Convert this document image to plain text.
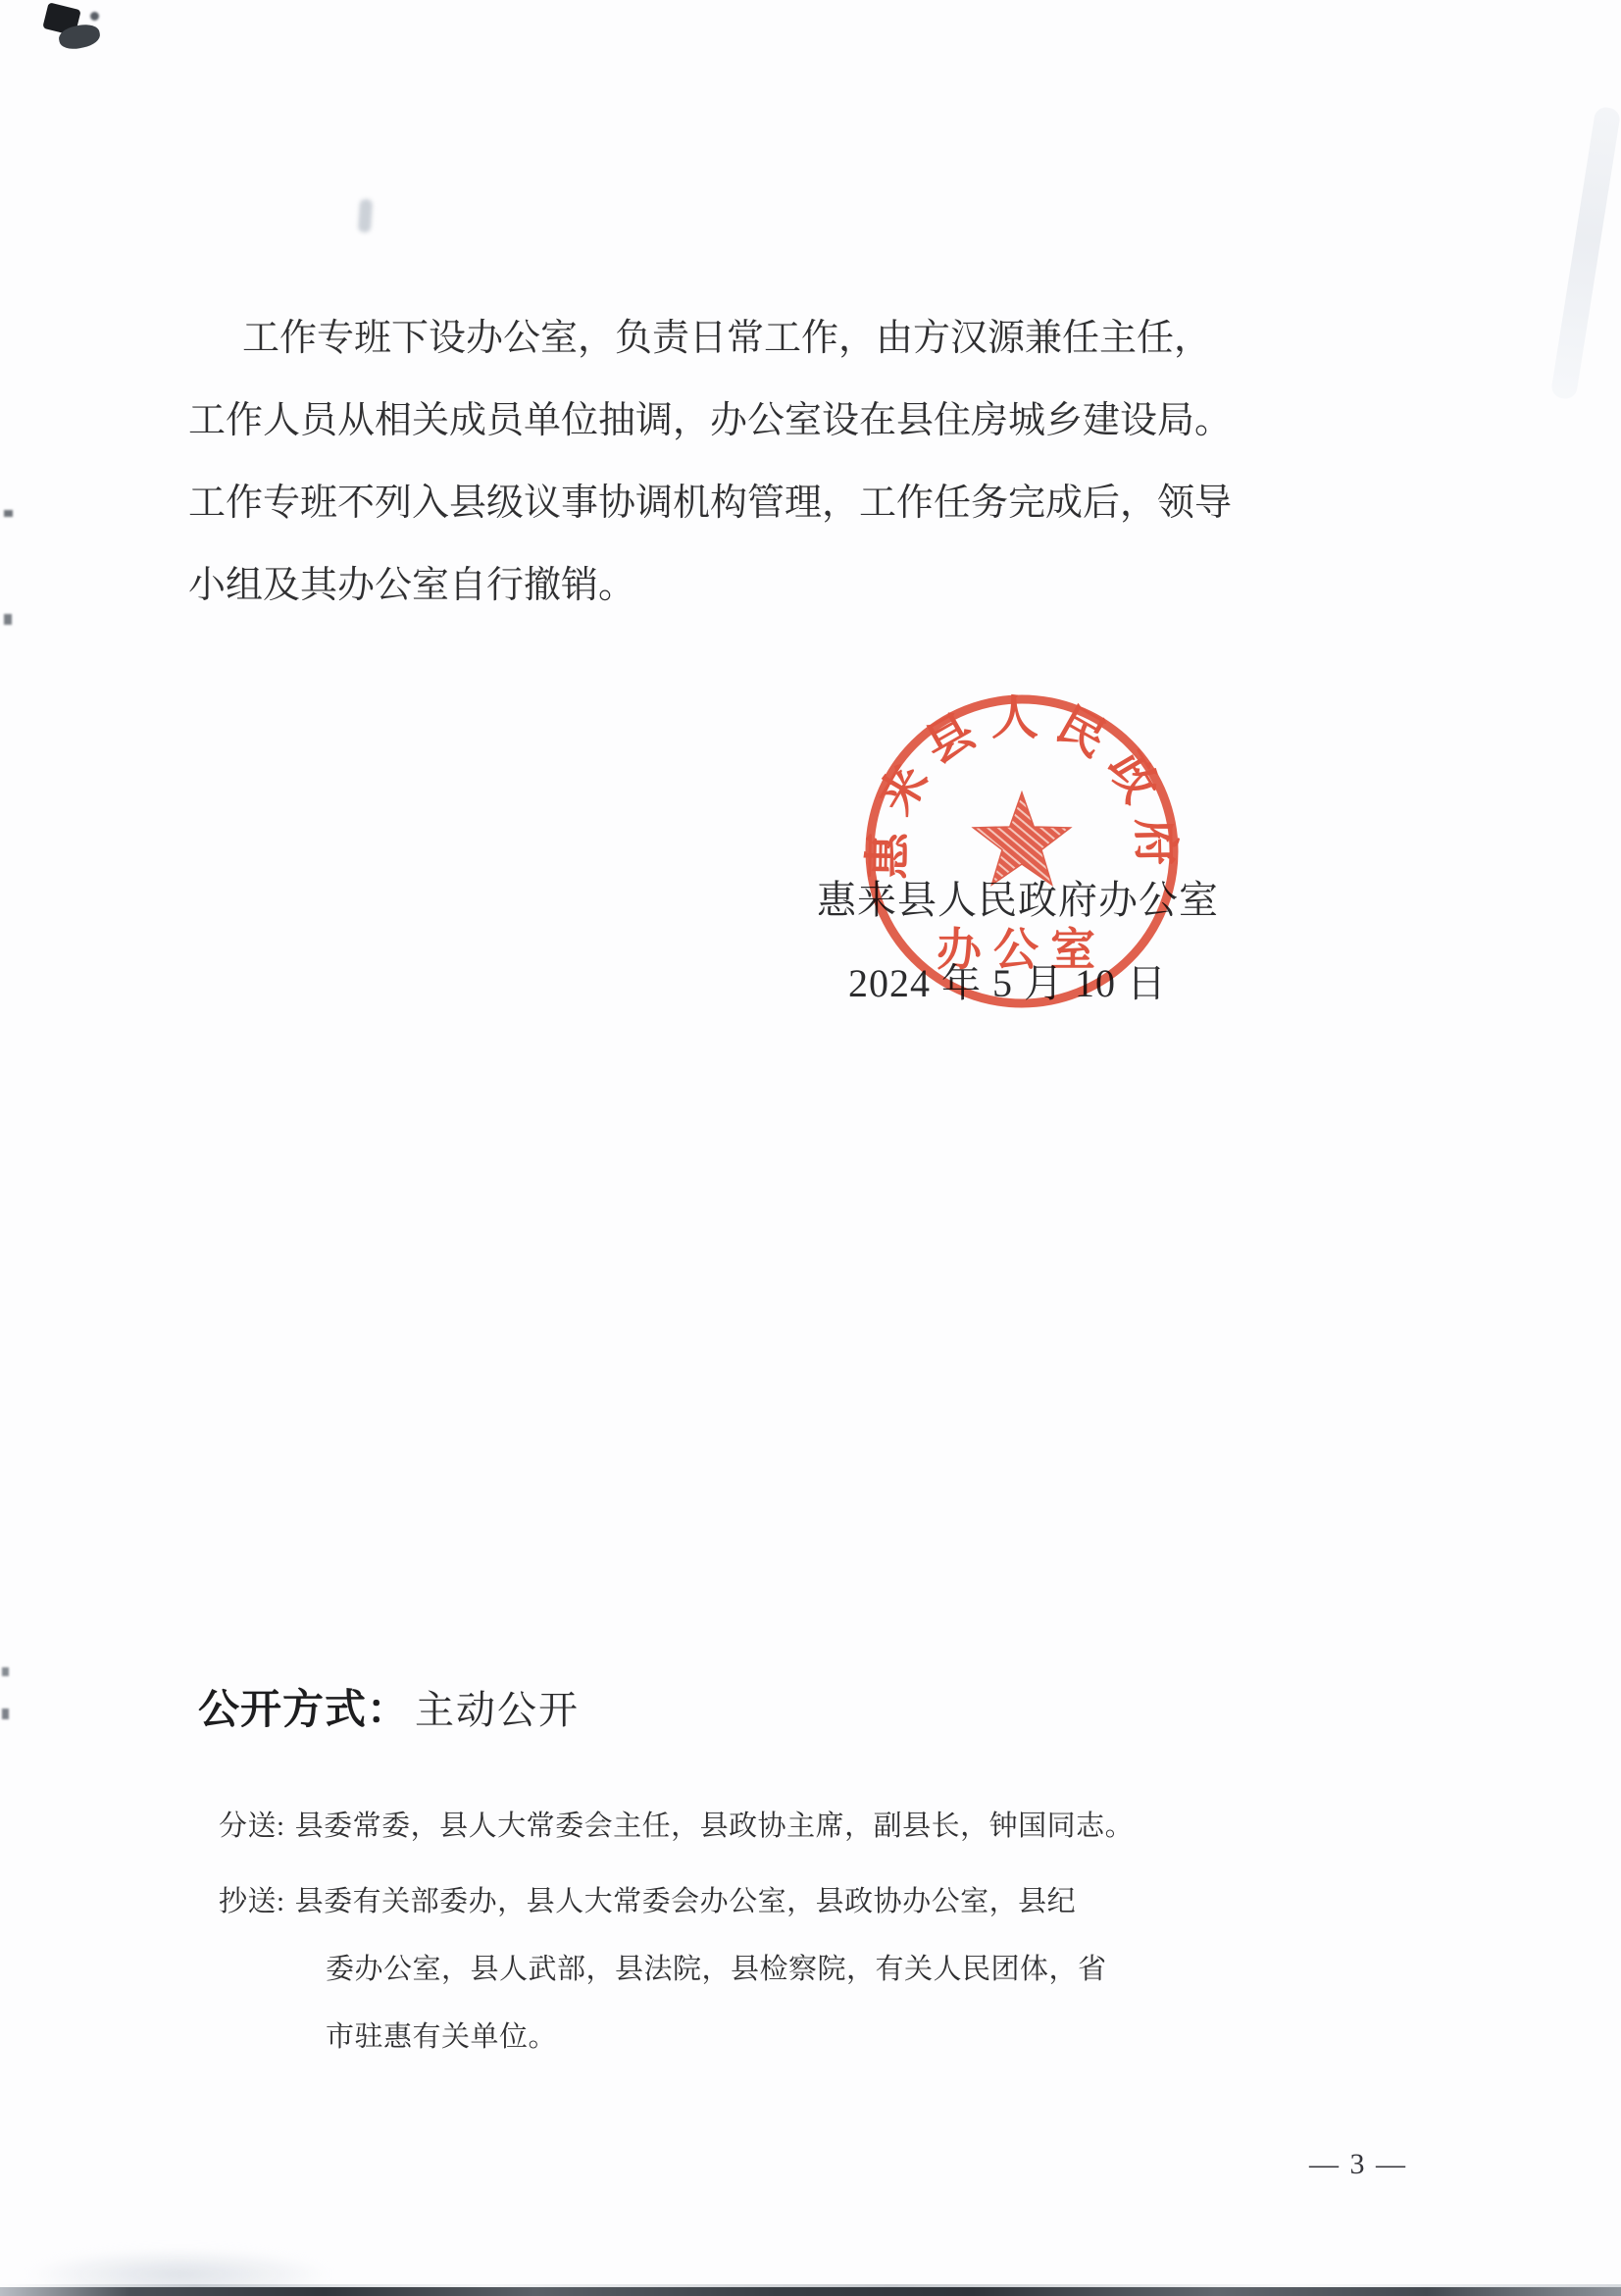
工作专班下设办公室，负责日常工作，由方汉源兼任主任，
工作人员从相关成员单位抽调，办公室设在县住房城乡建设局。
工作专班不列入县级议事协调机构管理，工作任务完成后，领导
小组及其办公室自行撤销。
惠来县人民政府办公室
2024 年 5 月 10 日
惠来县人民政府
办公室
公开方式： 主动公开
分送: 县委常委，县人大常委会主任，县政协主席，副县长，钟国同志。
抄送: 县委有关部委办，县人大常委会办公室，县政协办公室，县纪
委办公室，县人武部，县法院，县检察院，有关人民团体，省
市驻惠有关单位。
— 3 —
